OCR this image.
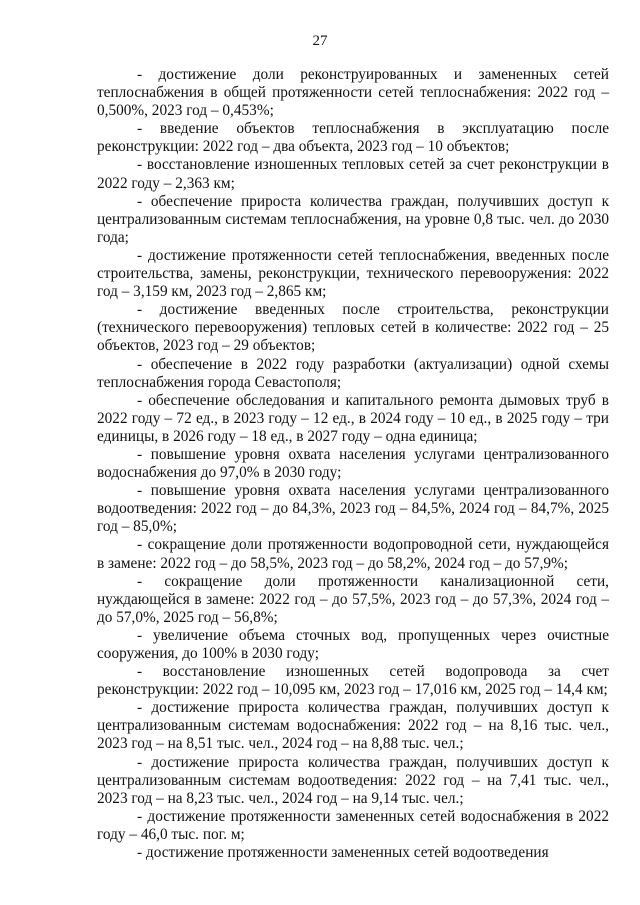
27

- достижение доли реконструированных и замененных сетей теплоснабжения в общей протяженности сетей теплоснабжения: 2022 год – 0,500%, 2023 год – 0,453%;

- введение объектов теплоснабжения в эксплуатацию после реконструкции: 2022 год – два объекта, 2023 год – 10 объектов;

- восстановление изношенных тепловых сетей за счет реконструкции в 2022 году – 2,363 км;

- обеспечение прироста количества граждан, получивших доступ к централизованным системам теплоснабжения, на уровне 0,8 тыс. чел. до 2030 года;

- достижение протяженности сетей теплоснабжения, введенных после строительства, замены, реконструкции, технического перевооружения: 2022 год – 3,159 км, 2023 год – 2,865 км;

- достижение введенных после строительства, реконструкции (технического перевооружения) тепловых сетей в количестве: 2022 год – 25 объектов, 2023 год – 29 объектов;

- обеспечение в 2022 году разработки (актуализации) одной схемы теплоснабжения города Севастополя;

- обеспечение обследования и капитального ремонта дымовых труб в 2022 году – 72 ед., в 2023 году – 12 ед., в 2024 году – 10 ед., в 2025 году – три единицы, в 2026 году – 18 ед., в 2027 году – одна единица;

- повышение уровня охвата населения услугами централизованного водоснабжения до 97,0% в 2030 году;

- повышение уровня охвата населения услугами централизованного водоотведения: 2022 год – до 84,3%, 2023 год – 84,5%, 2024 год – 84,7%, 2025 год – 85,0%;

- сокращение доли протяженности водопроводной сети, нуждающейся в замене: 2022 год – до 58,5%, 2023 год – до 58,2%, 2024 год – до 57,9%;

- сокращение доли протяженности канализационной сети, нуждающейся в замене: 2022 год – до 57,5%, 2023 год – до 57,3%, 2024 год – до 57,0%, 2025 год – 56,8%;

- увеличение объема сточных вод, пропущенных через очистные сооружения, до 100% в 2030 году;

- восстановление изношенных сетей водопровода за счет реконструкции: 2022 год – 10,095 км, 2023 год – 17,016 км, 2025 год – 14,4 км;

- достижение прироста количества граждан, получивших доступ к централизованным системам водоснабжения: 2022 год – на 8,16 тыс. чел., 2023 год – на 8,51 тыс. чел., 2024 год – на 8,88 тыс. чел.;

- достижение прироста количества граждан, получивших доступ к централизованным системам водоотведения: 2022 год – на 7,41 тыс. чел., 2023 год – на 8,23 тыс. чел., 2024 год – на 9,14 тыс. чел.;

- достижение протяженности замененных сетей водоснабжения в 2022 году – 46,0 тыс. пог. м;

- достижение протяженности замененных сетей водоотведения
